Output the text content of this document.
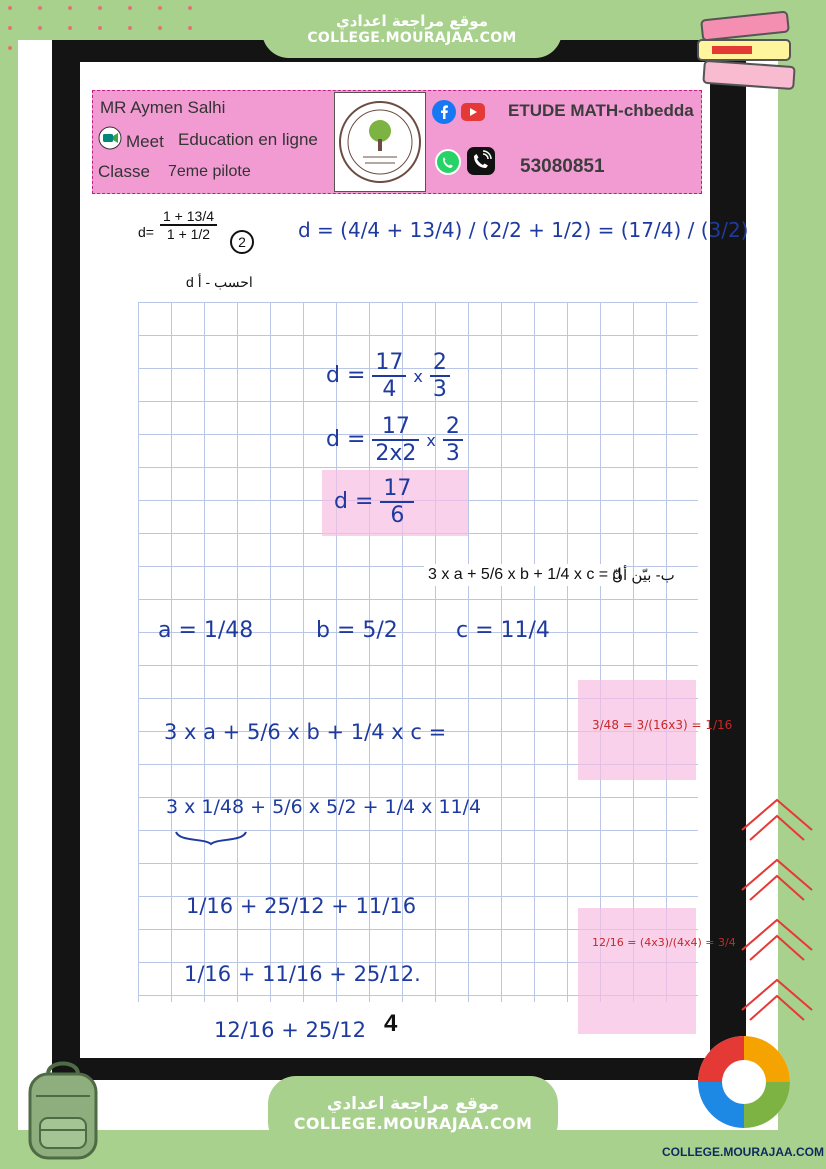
موقع مراجعة اعدادي
COLLEGE.MOURAJAA.COM
MR Aymen Salhi
Meet Education en ligne
Classe 7eme pilote
ETUDE MATH-chbedda
53080851
$d= \frac{1 + 13/4}{1 + 1/2}$	2
d احسب - أ
3 x a + 5/6 x b + 1/4 x c = d
ب- بيّن أنّ
d = (4/4 + 13/4) / (2/2 + 1/2) = (17/4) / (3/2)
$d = \frac{17}{4}$ x $\frac{2}{3}$
$d = \frac{17}{2x2}$ x $\frac{2}{3}$
$d = \frac{17}{6}$
a = 1/48	b = 5/2	c = 11/4
3 x a + 5/6 x b + 1/4 x c =
3 x 1/48 + 5/6 x 5/2 + 1/4 x 11/4
1/16 + 25/12 + 11/16
1/16 + 11/16 + 25/12.
12/16 + 25/12 4
3/48 = 3/(16x3) = 1/16
12/16 = (4x3)/(4x4) = 3/4
موقع مراجعة اعدادي
COLLEGE.MOURAJAA.COM
COLLEGE.MOURAJAA.COM
